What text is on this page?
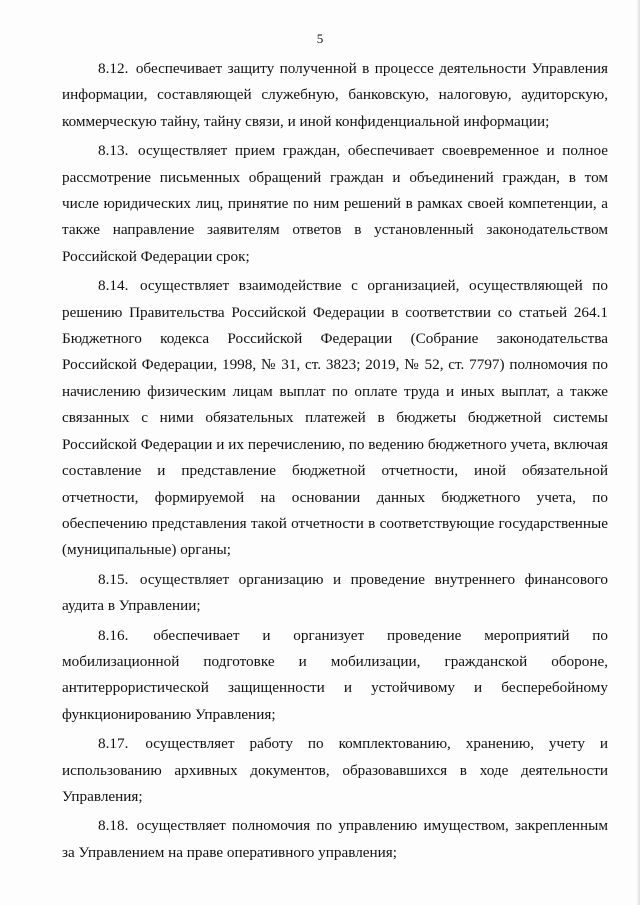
5

8.12. обеспечивает защиту полученной в процессе деятельности Управления информации, составляющей служебную, банковскую, налоговую, аудиторскую, коммерческую тайну, тайну связи, и иной конфиденциальной информации;

8.13. осуществляет прием граждан, обеспечивает своевременное и полное рассмотрение письменных обращений граждан и объединений граждан, в том числе юридических лиц, принятие по ним решений в рамках своей компетенции, а также направление заявителям ответов в установленный законодательством Российской Федерации срок;

8.14. осуществляет взаимодействие с организацией, осуществляющей по решению Правительства Российской Федерации в соответствии со статьей 264.1 Бюджетного кодекса Российской Федерации (Собрание законодательства Российской Федерации, 1998, № 31, ст. 3823; 2019, № 52, ст. 7797) полномочия по начислению физическим лицам выплат по оплате труда и иных выплат, а также связанных с ними обязательных платежей в бюджеты бюджетной системы Российской Федерации и их перечислению, по ведению бюджетного учета, включая составление и представление бюджетной отчетности, иной обязательной отчетности, формируемой на основании данных бюджетного учета, по обеспечению представления такой отчетности в соответствующие государственные (муниципальные) органы;

8.15. осуществляет организацию и проведение внутреннего финансового аудита в Управлении;

8.16. обеспечивает и организует проведение мероприятий по мобилизационной подготовке и мобилизации, гражданской обороне, антитеррористической защищенности и устойчивому и бесперебойному функционированию Управления;

8.17. осуществляет работу по комплектованию, хранению, учету и использованию архивных документов, образовавшихся в ходе деятельности Управления;

8.18. осуществляет полномочия по управлению имуществом, закрепленным за Управлением на праве оперативного управления;
